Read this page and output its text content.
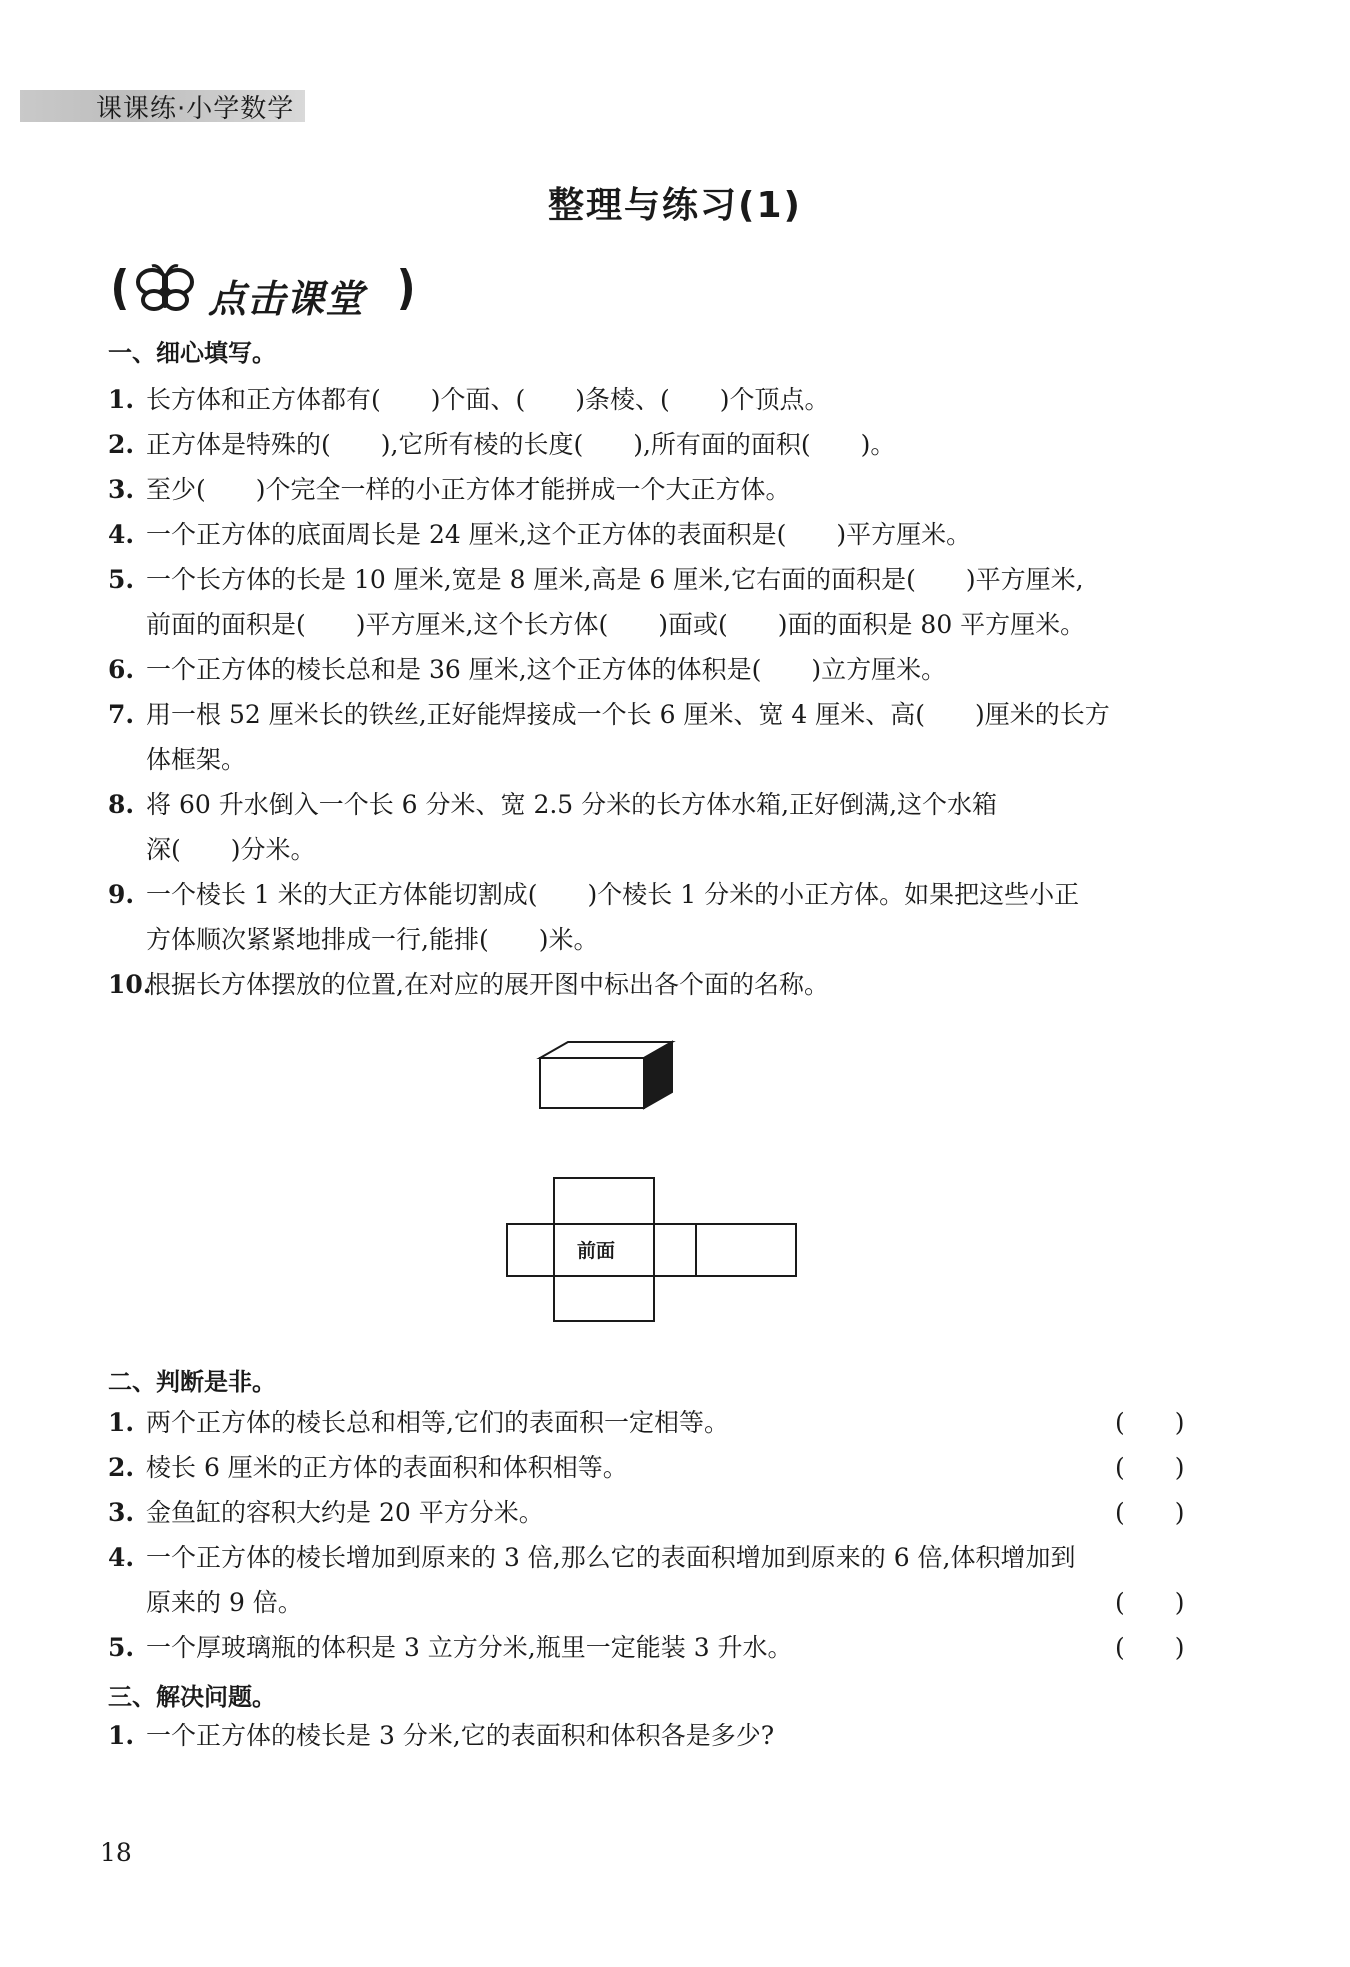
课课练·小学数学
整理与练习(1)
点击课堂
一、细心填写。
1. 长方体和正方体都有(　　)个面、(　　)条棱、(　　)个顶点。
2. 正方体是特殊的(　　),它所有棱的长度(　　),所有面的面积(　　)。
3. 至少(　　)个完全一样的小正方体才能拼成一个大正方体。
4. 一个正方体的底面周长是 24 厘米,这个正方体的表面积是(　　)平方厘米。
5. 一个长方体的长是 10 厘米,宽是 8 厘米,高是 6 厘米,它右面的面积是(　　)平方厘米,
前面的面积是(　　)平方厘米,这个长方体(　　)面或(　　)面的面积是 80 平方厘米。
6. 一个正方体的棱长总和是 36 厘米,这个正方体的体积是(　　)立方厘米。
7. 用一根 52 厘米长的铁丝,正好能焊接成一个长 6 厘米、宽 4 厘米、高(　　)厘米的长方
体框架。
8. 将 60 升水倒入一个长 6 分米、宽 2.5 分米的长方体水箱,正好倒满,这个水箱
深(　　)分米。
9. 一个棱长 1 米的大正方体能切割成(　　)个棱长 1 分米的小正方体。如果把这些小正
方体顺次紧紧地排成一行,能排(　　)米。
10.根据长方体摆放的位置,在对应的展开图中标出各个面的名称。
前面
二、判断是非。
1. 两个正方体的棱长总和相等,它们的表面积一定相等。	(　　)
2. 棱长 6 厘米的正方体的表面积和体积相等。	(　　)
3. 金鱼缸的容积大约是 20 平方分米。	(　　)
4. 一个正方体的棱长增加到原来的 3 倍,那么它的表面积增加到原来的 6 倍,体积增加到
原来的 9 倍。	(　　)
5. 一个厚玻璃瓶的体积是 3 立方分米,瓶里一定能装 3 升水。	(　　)
三、解决问题。
1. 一个正方体的棱长是 3 分米,它的表面积和体积各是多少?
18
